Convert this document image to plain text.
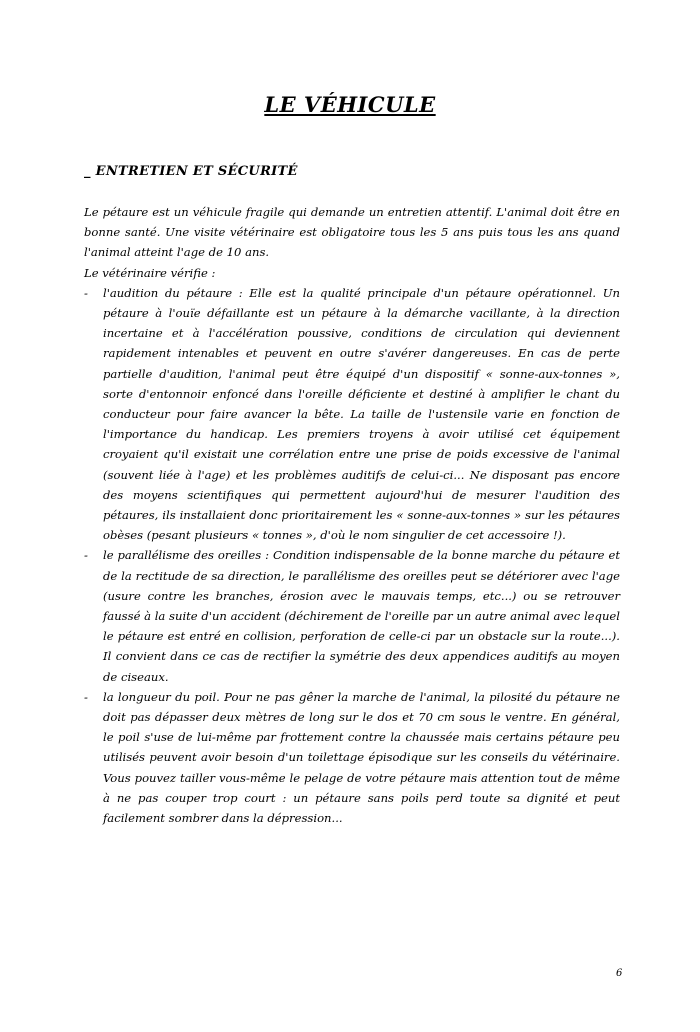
LE VÉHICULE
_ ENTRETIEN ET SÉCURITÉ

Le pétaure est un véhicule fragile qui demande un entretien attentif. L'animal doit être en bonne santé. Une visite vétérinaire est obligatoire tous les 5 ans puis tous les ans quand l'animal atteint l'age de 10 ans.

Le vétérinaire vérifie :

- l'audition du pétaure : Elle est la qualité principale d'un pétaure opérationnel. Un pétaure à l'ouïe défaillante est un pétaure à la démarche vacillante, à la direction incertaine et à l'accélération poussive, conditions de circulation qui deviennent rapidement intenables et peuvent en outre s'avérer dangereuses. En cas de perte partielle d'audition, l'animal peut être équipé d'un dispositif « sonne-aux-tonnes », sorte d'entonnoir enfoncé dans l'oreille déficiente et destiné à amplifier le chant du conducteur pour faire avancer la bête. La taille de l'ustensile varie en fonction de l'importance du handicap. Les premiers troyens à avoir utilisé cet équipement croyaient qu'il existait une corrélation entre une prise de poids excessive de l'animal (souvent liée à l'age) et les problèmes auditifs de celui-ci... Ne disposant pas encore des moyens scientifiques qui permettent aujourd'hui de mesurer l'audition des pétaures, ils installaient donc prioritairement les « sonne-aux-tonnes » sur les pétaures obèses (pesant plusieurs « tonnes », d'où le nom singulier de cet accessoire !).
- le parallélisme des oreilles : Condition indispensable de la bonne marche du pétaure et de la rectitude de sa direction, le parallélisme des oreilles peut se détériorer avec l'age (usure contre les branches, érosion avec le mauvais temps, etc...) ou se retrouver faussé à la suite d'un accident (déchirement de l'oreille par un autre animal avec lequel le pétaure est entré en collision, perforation de celle-ci par un obstacle sur la route...). Il convient dans ce cas de rectifier la symétrie des deux appendices auditifs au moyen de ciseaux.
- la longueur du poil. Pour ne pas gêner la marche de l'animal, la pilosité du pétaure ne doit pas dépasser deux mètres de long sur le dos et 70 cm sous le ventre. En général, le poil s'use de lui-même par frottement contre la chaussée mais certains pétaure peu utilisés peuvent avoir besoin d'un toilettage épisodique sur les conseils du vétérinaire. Vous pouvez tailler vous-même le pelage de votre pétaure mais attention tout de même à ne pas couper trop court : un pétaure sans poils perd toute sa dignité et peut facilement sombrer dans la dépression...
6
